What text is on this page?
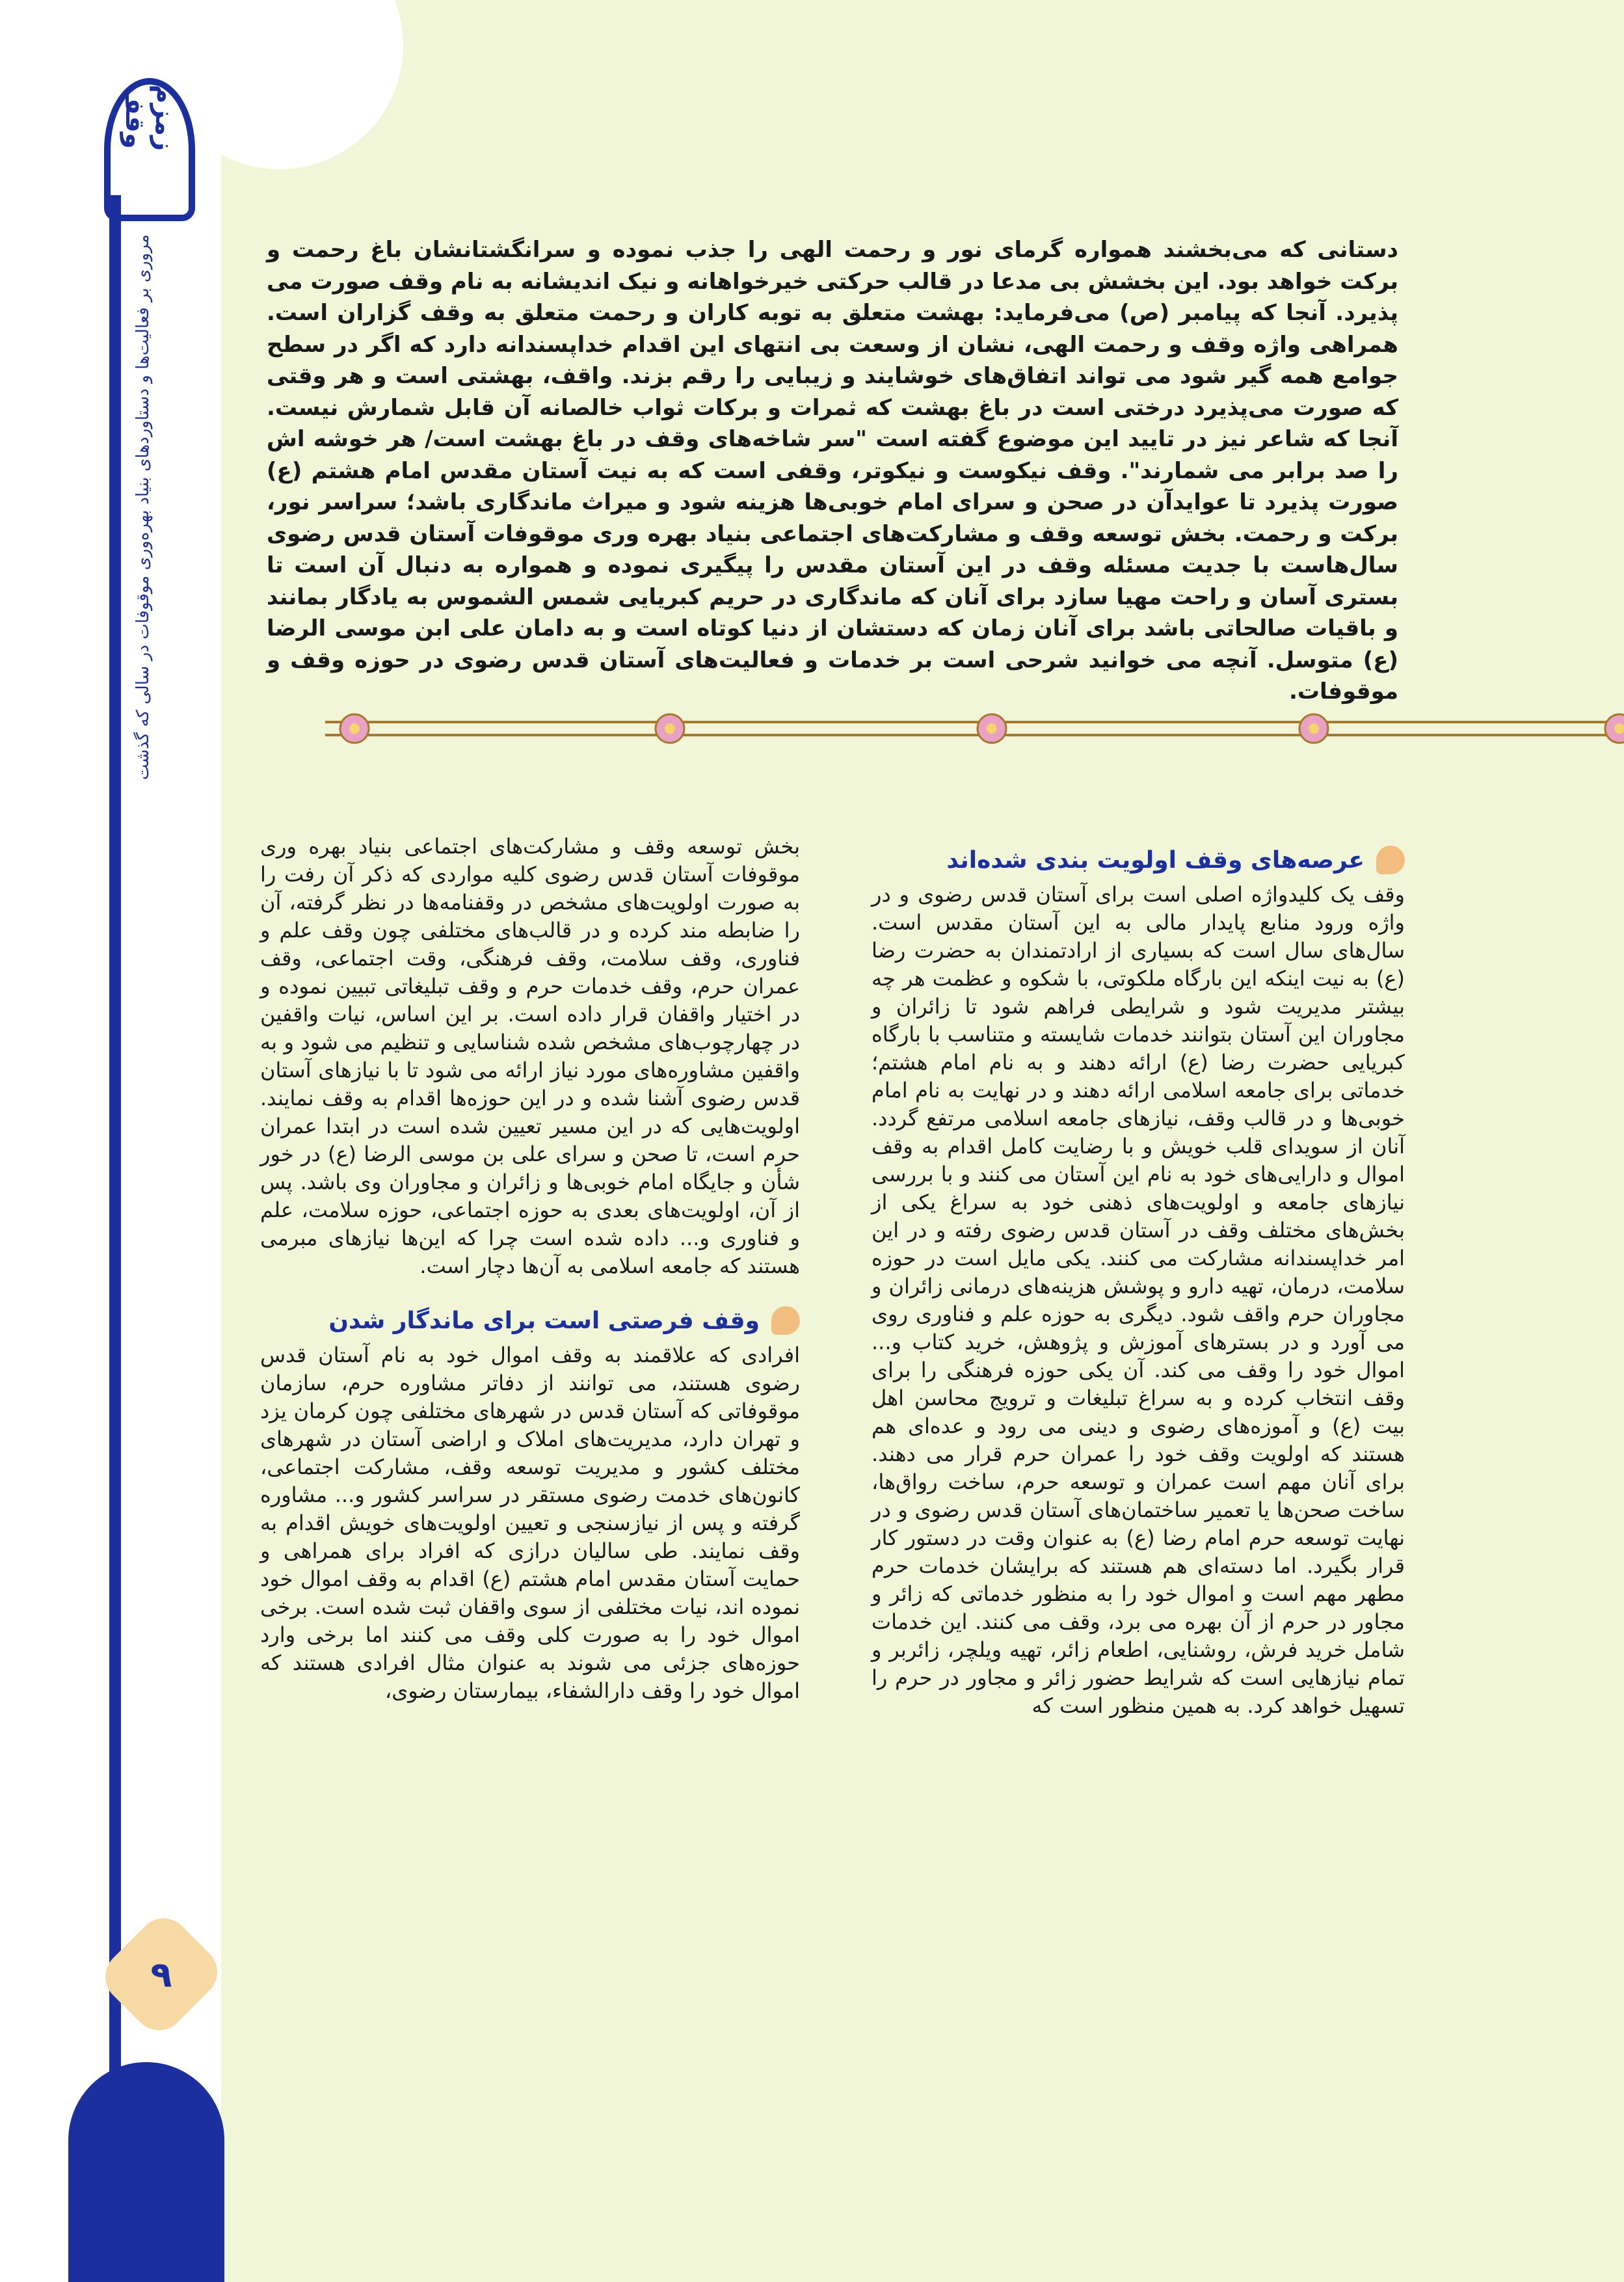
زمزم وقف
مروری بر فعالیت‌ها و دستاوردهای بنیاد بهره‌وری موقوفات در سالی که گذشت
۹
دستانی که می‌بخشند همواره گرمای نور و رحمت الهی را جذب نموده و سرانگشتانشان باغ رحمت و برکت خواهد بود. این بخشش بی مدعا در قالب حرکتی خیرخواهانه و نیک اندیشانه به نام وقف صورت می پذیرد. آنجا که پیامبر (ص) می‌فرماید: بهشت متعلق به توبه کاران و رحمت متعلق به وقف گزاران است. همراهی واژه وقف و رحمت الهی، نشان از وسعت بی انتهای این اقدام خداپسندانه دارد که اگر در سطح جوامع همه گیر شود می تواند اتفاق‌های خوشایند و زیبایی را رقم بزند. واقف، بهشتی است و هر وقتی که صورت می‌پذیرد درختی است در باغ بهشت که ثمرات و برکات ثواب خالصانه آن قابل شمارش نیست. آنجا که شاعر نیز در تایید این موضوع گفته است "سر شاخه‌های وقف در باغ بهشت است/ هر خوشه اش را صد برابر می شمارند". وقف نیکوست و نیکوتر، وقفی است که به نیت آستان مقدس امام هشتم (ع) صورت پذیرد تا عوایدآن در صحن و سرای امام خوبی‌ها هزینه شود و میراث ماندگاری باشد؛ سراسر نور، برکت و رحمت. بخش توسعه وقف و مشارکت‌های اجتماعی بنیاد بهره وری موقوفات آستان قدس رضوی سال‌هاست با جدیت مسئله وقف در این آستان مقدس را پیگیری نموده و همواره به دنبال آن است تا بستری آسان و راحت مهیا سازد برای آنان که ماندگاری در حریم کبریایی شمس الشموس به یادگار بمانند و باقیات صالحاتی باشد برای آنان زمان که دستشان از دنیا کوتاه است و به دامان علی ابن موسی الرضا (ع) متوسل. آنچه می خوانید شرحی است بر خدمات و فعالیت‌های آستان قدس رضوی در حوزه وقف و موقوفات.
عرصه‌های وقف اولویت بندی شده‌اند

وقف یک کلیدواژه اصلی است برای آستان قدس رضوی و در واژه ورود منابع پایدار مالی به این آستان مقدس است. سال‌های سال است که بسیاری از ارادتمندان به حضرت رضا (ع) به نیت اینکه این بارگاه ملکوتی، با شکوه و عظمت هر چه بیشتر مدیریت شود و شرایطی فراهم شود تا زائران و مجاوران این آستان بتوانند خدمات شایسته و متناسب با بارگاه کبریایی حضرت رضا (ع) ارائه دهند و به نام امام هشتم؛ خدماتی برای جامعه اسلامی ارائه دهند و در نهایت به نام امام خوبی‌ها و در قالب وقف، نیازهای جامعه اسلامی مرتفع گردد. آنان از سویدای قلب خویش و با رضایت کامل اقدام به وقف اموال و دارایی‌های خود به نام این آستان می کنند و با بررسی نیازهای جامعه و اولویت‌های ذهنی خود به سراغ یکی از بخش‌های مختلف وقف در آستان قدس رضوی رفته و در این امر خداپسندانه مشارکت می کنند. یکی مایل است در حوزه سلامت، درمان، تهیه دارو و پوشش هزینه‌های درمانی زائران و مجاوران حرم واقف شود. دیگری به حوزه علم و فناوری روی می آورد و در بسترهای آموزش و پژوهش، خرید کتاب و... اموال خود را وقف می کند. آن یکی حوزه فرهنگی را برای وقف انتخاب کرده و به سراغ تبلیغات و ترویج محاسن اهل بیت (ع) و آموزه‌های رضوی و دینی می رود و عده‌ای هم هستند که اولویت وقف خود را عمران حرم قرار می دهند. برای آنان مهم است عمران و توسعه حرم، ساخت رواق‌ها، ساخت صحن‌ها یا تعمیر ساختمان‌های آستان قدس رضوی و در نهایت توسعه حرم امام رضا (ع) به عنوان وقت در دستور کار قرار بگیرد. اما دسته‌ای هم هستند که برایشان خدمات حرم مطهر مهم است و اموال خود را به منظور خدماتی که زائر و مجاور در حرم از آن بهره می برد، وقف می کنند. این خدمات شامل خرید فرش، روشنایی، اطعام زائر، تهیه ویلچر، زائربر و تمام نیازهایی است که شرایط حضور زائر و مجاور در حرم را تسهیل خواهد کرد. به همین منظور است که

بخش توسعه وقف و مشارکت‌های اجتماعی بنیاد بهره وری موقوفات آستان قدس رضوی کلیه مواردی که ذکر آن رفت را به صورت اولویت‌های مشخص در وقفنامه‌ها در نظر گرفته، آن را ضابطه مند کرده و در قالب‌های مختلفی چون وقف علم و فناوری، وقف سلامت، وقف فرهنگی، وقت اجتماعی، وقف عمران حرم، وقف خدمات حرم و وقف تبلیغاتی تبیین نموده و در اختیار واقفان قرار داده است. بر این اساس، نیات واقفین در چهارچوب‌های مشخص شده شناسایی و تنظیم می شود و به واقفین مشاوره‌های مورد نیاز ارائه می شود تا با نیازهای آستان قدس رضوی آشنا شده و در این حوزه‌ها اقدام به وقف نمایند. اولویت‌هایی که در این مسیر تعیین شده است در ابتدا عمران حرم است، تا صحن و سرای علی بن موسی الرضا (ع) در خور شأن و جایگاه امام خوبی‌ها و زائران و مجاوران وی باشد. پس از آن، اولویت‌های بعدی به حوزه اجتماعی، حوزه سلامت، علم و فناوری و... داده شده است چرا که این‌ها نیازهای مبرمی هستند که جامعه اسلامی به آن‌ها دچار است.

وقف فرصتی است برای ماندگار شدن

افرادی که علاقمند به وقف اموال خود به نام آستان قدس رضوی هستند، می توانند از دفاتر مشاوره حرم، سازمان موقوفاتی که آستان قدس در شهرهای مختلفی چون کرمان یزد و تهران دارد، مدیریت‌های املاک و اراضی آستان در شهرهای مختلف کشور و مدیریت توسعه وقف، مشارکت اجتماعی، کانون‌های خدمت رضوی مستقر در سراسر کشور و... مشاوره گرفته و پس از نیازسنجی و تعیین اولویت‌های خویش اقدام به وقف نمایند. طی سالیان درازی که افراد برای همراهی و حمایت آستان مقدس امام هشتم (ع) اقدام به وقف اموال خود نموده اند، نیات مختلفی از سوی واقفان ثبت شده است. برخی اموال خود را به صورت کلی وقف می کنند اما برخی وارد حوزه‌های جزئی می شوند به عنوان مثال افرادی هستند که اموال خود را وقف دارالشفاء، بیمارستان رضوی،
